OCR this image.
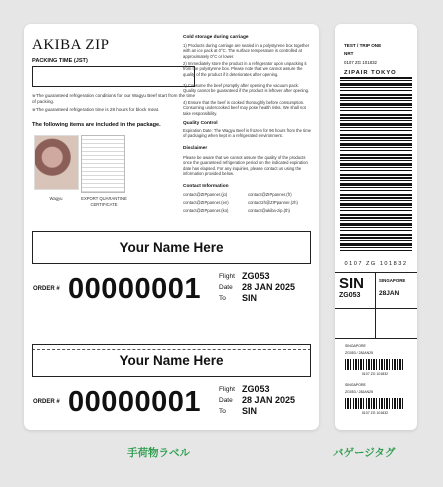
AKIBA ZIP
PACKING TIME (JST)
※The guaranteed refrigeration conditions for our Wagyu Beef start from the time of packing.
※The guaranteed refrigeration time is 28 hours for block meat.
The following items are included in the package.
Wagyu	EXPORT QUARANTINE CERTIFICATE
Cold storage during carriage
1) Products during carriage are sealed in a polystyrene box together with an ice pack at 0°C. The surface temperature is controlled at approximately 0°C or lower.
2) Immediately store the product in a refrigerator upon unpacking it from the polystyrene box. Please note that we cannot assure the quality of the product if it deteriorates after opening.
3) Consume the beef promptly after opening the vacuum pack. Quality cannot be guaranteed if the product is leftover after opening.
4) Ensure that the beef is cooked thoroughly before consumption. Consuming undercooked beef may pose health risks. We shall not take responsibility.
Quality Control
Expiration Date: The Wagyu Beef is frozen for 96 hours from the time of packaging when kept in a refrigerated environment.
Disclaimer
Please be aware that we cannot assure the quality of the products once the guaranteed refrigeration period on the indicated expiration date has elapsed. For any inquiries, please contact us using the information provided below.
Contact Information
contact@ZIPpanner.(jo)	contact@ZIPpanner.(fr)
contact@ZIPpanner.(en)	contactzh@ZIPpanner.(zh)
contact@ZIPpanner.(ko)	contact@akiba-zip.(th)
Your Name Here
ORDER # 00000001	Flight ZG053
Date	28 JAN 2025
To	SIN
Your Name Here
ORDER # 00000001	Flight ZG053
Date	28 JAN 2025
To	SIN
TEST / TRIP ONE
NRT
0107 ZG 101832
ZIPAIR TOKYO
0107 ZG 101832
SIN
ZG053
SINGAPORE
28JAN
SINGAPORE
ZG053 / 28JAN25
0107 ZG 101832
SINGAPORE
ZG053 / 28JAN25
0107 ZG 101832
手荷物ラベル	バゲージタグ
